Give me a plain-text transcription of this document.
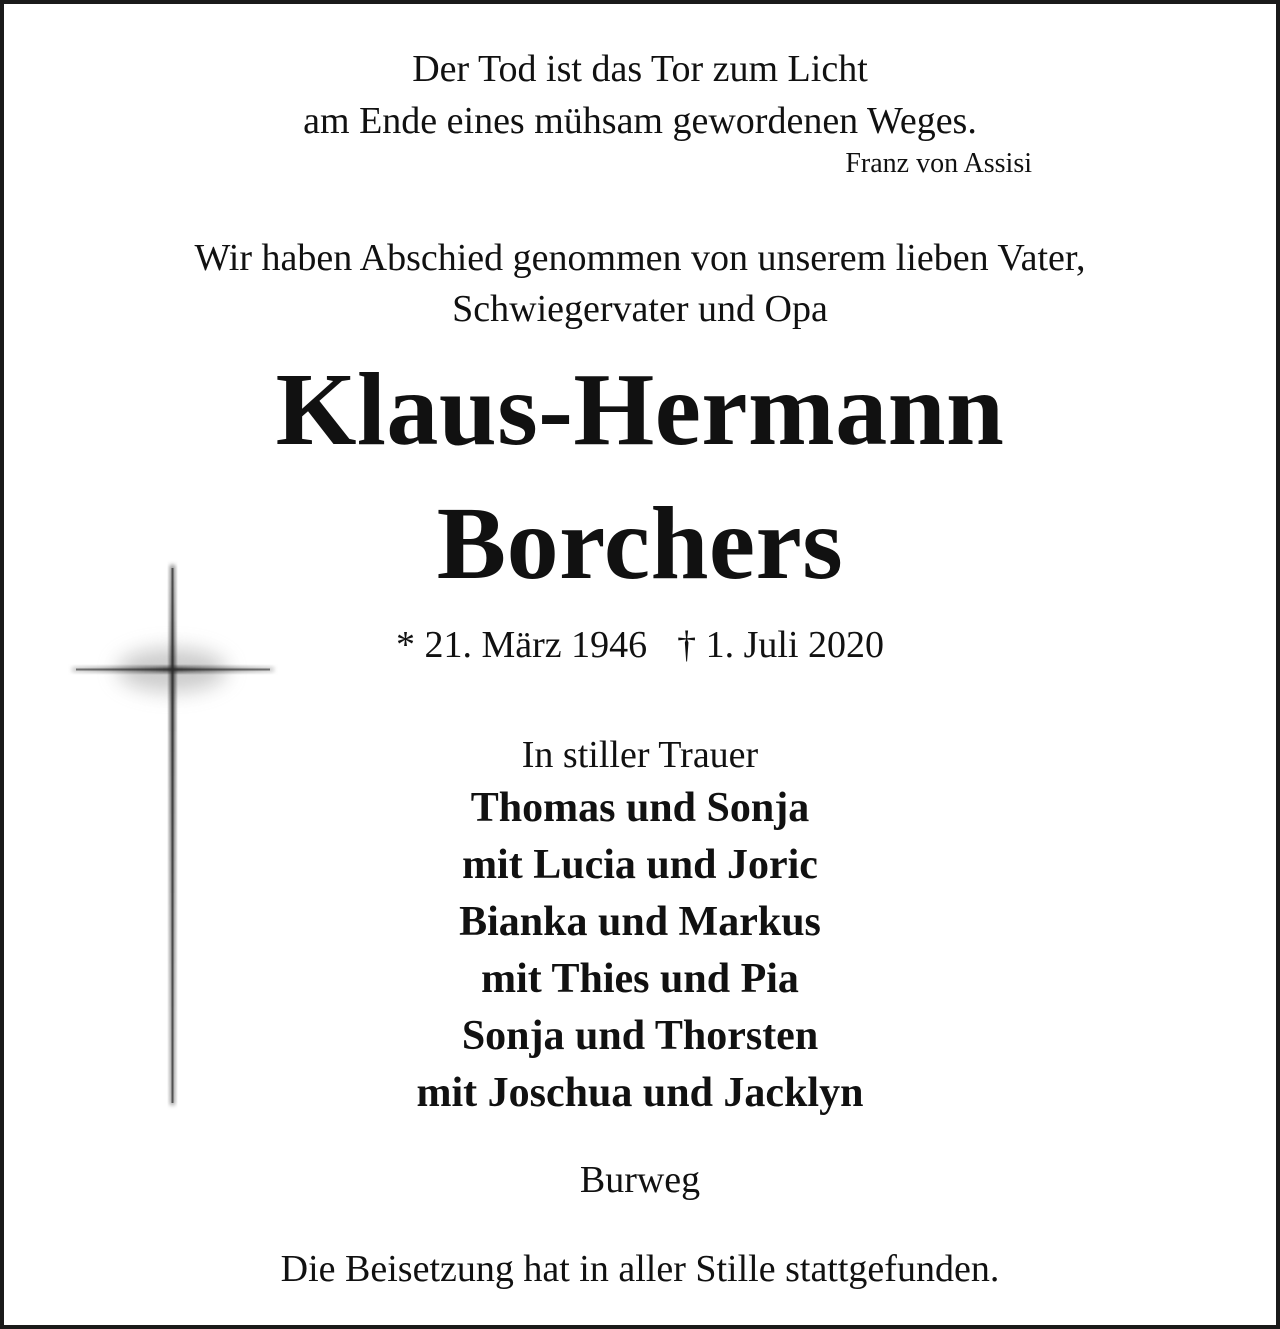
Der Tod ist das Tor zum Licht
am Ende eines mühsam gewordenen Weges.
Franz von Assisi
Wir haben Abschied genommen von unserem lieben Vater,
Schwiegervater und Opa
Klaus-Hermann
Borchers
* 21. März 1946 † 1. Juli 2020
In stiller Trauer
Thomas und Sonja
mit Lucia und Joric
Bianka und Markus
mit Thies und Pia
Sonja und Thorsten
mit Joschua und Jacklyn
Burweg
Die Beisetzung hat in aller Stille stattgefunden.
